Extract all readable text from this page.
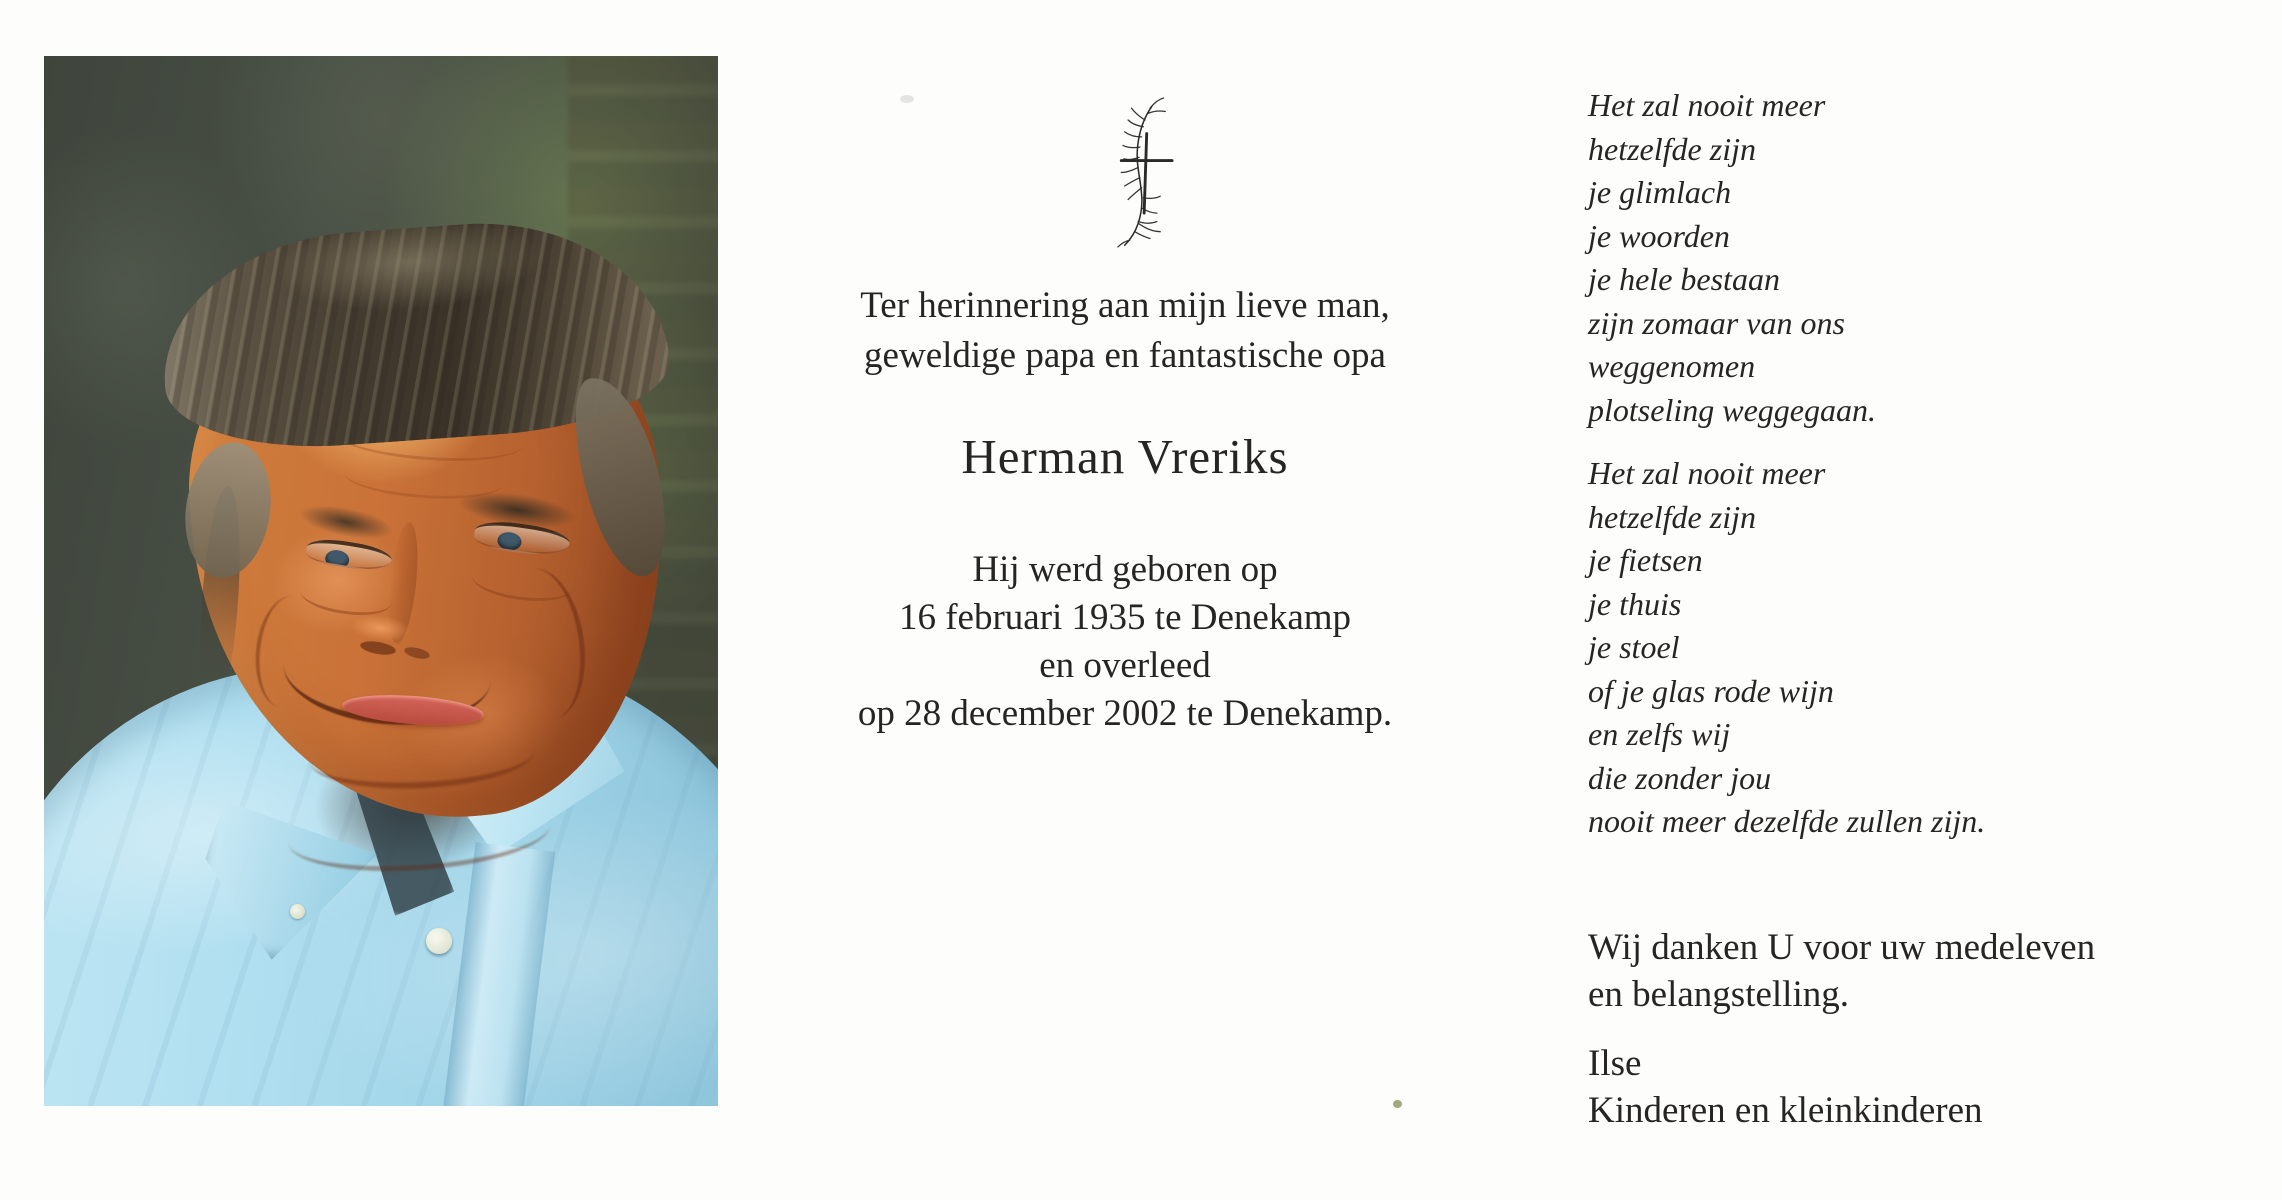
Ter herinnering aan mijn lieve man,
geweldige papa en fantastische opa
Herman Vreriks
Hij werd geboren op
16 februari 1935 te Denekamp
en overleed
op 28 december 2002 te Denekamp.
Het zal nooit meer
hetzelfde zijn
je glimlach
je woorden
je hele bestaan
zijn zomaar van ons
weggenomen
plotseling weggegaan.
Het zal nooit meer
hetzelfde zijn
je fietsen
je thuis
je stoel
of je glas rode wijn
en zelfs wij
die zonder jou
nooit meer dezelfde zullen zijn.
Wij danken U voor uw medeleven
en belangstelling.
Ilse
Kinderen en kleinkinderen
